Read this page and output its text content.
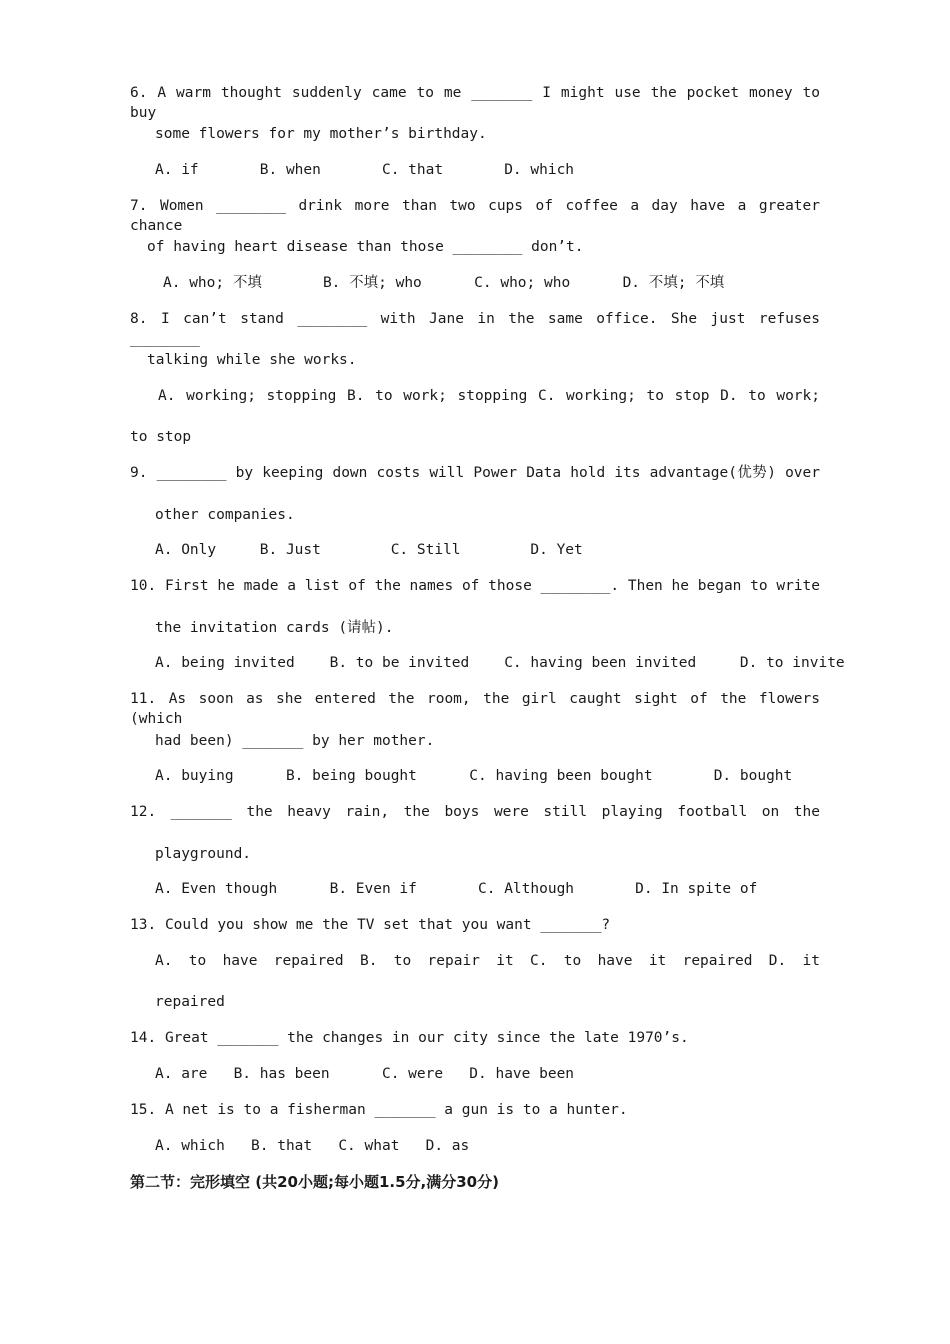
6. A warm thought suddenly came to me _______ I might use the pocket money to buy
some flowers for my mother’s birthday.
A. if       B. when       C. that       D. which
7. Women ________ drink more than two cups of coffee a day have a greater chance
of having heart disease than those ________ don’t.
A. who; 不填       B. 不填; who      C. who; who      D. 不填; 不填
8. I can’t stand ________ with Jane in the same office. She just refuses ________
talking while she works.
A. working; stopping B. to work; stopping C. working; to stop D. to work;
to stop
9. ________ by keeping down costs will Power Data hold its advantage(优势) over
other companies.
A. Only     B. Just        C. Still        D. Yet
10. First he made a list of the names of those ________. Then he began to write
the invitation cards (请帖).
A. being invited    B. to be invited    C. having been invited     D. to invite
11. As soon as she entered the room, the girl caught sight of the flowers (which
had been) _______ by her mother.
A. buying      B. being bought      C. having been bought       D. bought
12. _______ the heavy rain, the boys were still playing football on the
playground.
A. Even though      B. Even if       C. Although       D. In spite of
13. Could you show me the TV set that you want _______?
A. to have repaired B. to repair it C. to have it repaired D. it
repaired
14. Great _______ the changes in our city since the late 1970’s.
A. are   B. has been      C. were   D. have been
15. A net is to a fisherman _______ a gun is to a hunter.
A. which   B. that   C. what   D. as
第二节：完形填空 (共20小题;每小题1.5分,满分30分)
